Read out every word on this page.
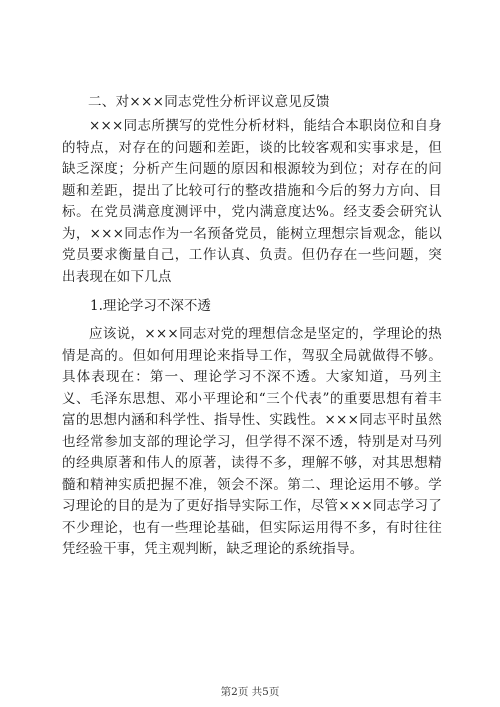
二、对×××同志党性分析评议意见反馈

×××同志所撰写的党性分析材料，能结合本职岗位和自身的特点，对存在的问题和差距，谈的比较客观和实事求是，但缺乏深度；分析产生问题的原因和根源较为到位；对存在的问题和差距，提出了比较可行的整改措施和今后的努力方向、目标。在党员满意度测评中，党内满意度达%。经支委会研究认为，×××同志作为一名预备党员，能树立理想宗旨观念，能以党员要求衡量自己，工作认真、负责。但仍存在一些问题，突出表现在如下几点

1.理论学习不深不透

应该说，×××同志对党的理想信念是坚定的，学理论的热情是高的。但如何用理论来指导工作，驾驭全局就做得不够。具体表现在：第一、理论学习不深不透。大家知道，马列主义、毛泽东思想、邓小平理论和“三个代表”的重要思想有着丰富的思想内涵和科学性、指导性、实践性。×××同志平时虽然也经常参加支部的理论学习，但学得不深不透，特别是对马列的经典原著和伟人的原著，读得不多，理解不够，对其思想精髓和精神实质把握不准，领会不深。第二、理论运用不够。学习理论的目的是为了更好指导实际工作，尽管×××同志学习了不少理论，也有一些理论基础，但实际运用得不多，有时往往凭经验干事，凭主观判断，缺乏理论的系统指导。

第2页 共5页
